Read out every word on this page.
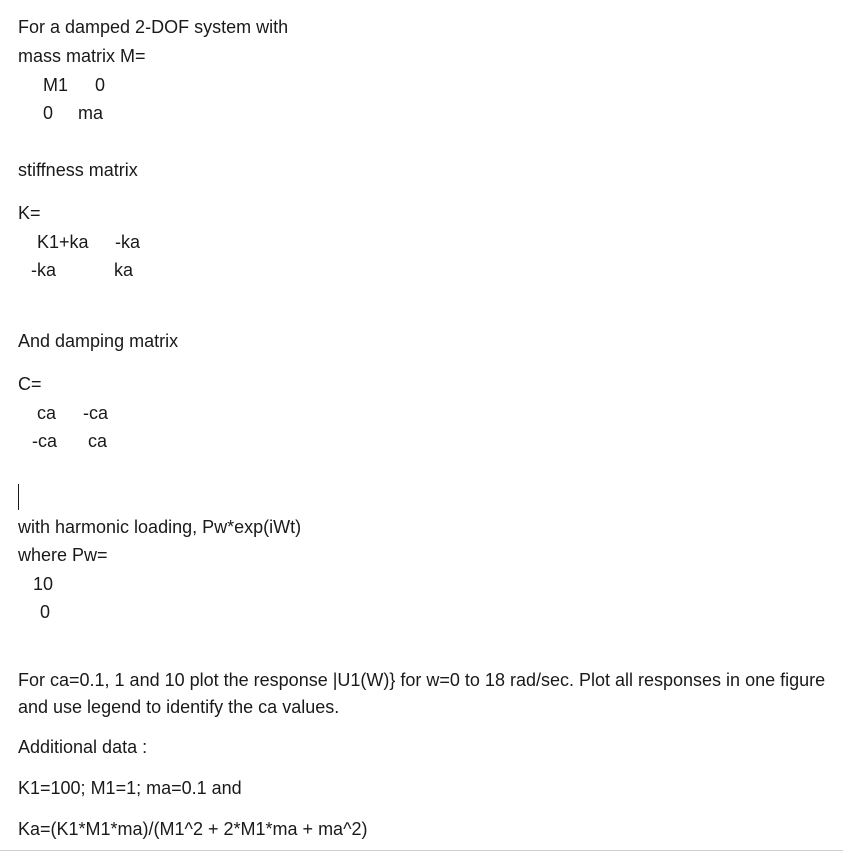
For a damped 2-DOF system with
mass matrix M=
M1 0
0 ma
stiffness matrix
K=
K1+ka -ka
-ka	ka
And damping matrix
C=
ca -ca
-ca ca
with harmonic loading, Pw*exp(iWt)
where Pw=
10
0
For ca=0.1, 1 and 10 plot the response |U1(W)} for w=0 to 18 rad/sec. Plot all responses in one figure and use legend to identify the ca values.
Additional data :
K1=100; M1=1; ma=0.1 and
Ka=(K1*M1*ma)/(M1^2 + 2*M1*ma + ma^2)
